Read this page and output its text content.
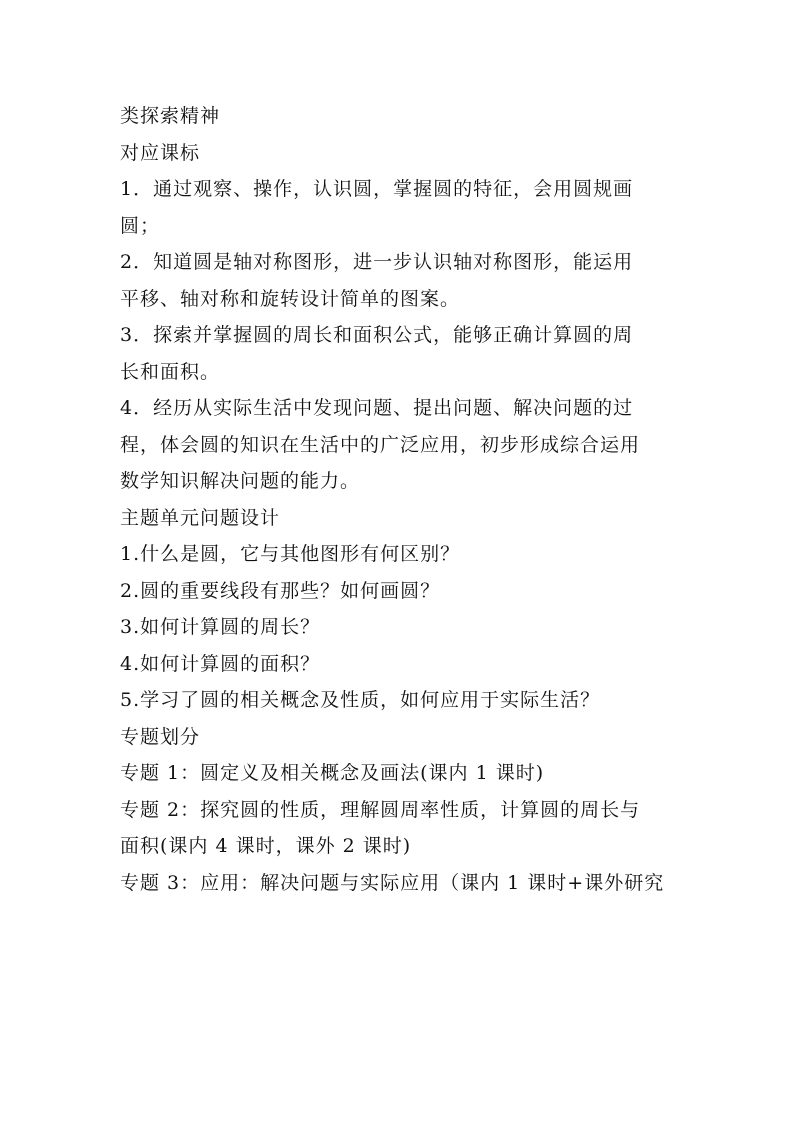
类探索精神
对应课标
1．通过观察、操作，认识圆，掌握圆的特征，会用圆规画
圆；
2．知道圆是轴对称图形，进一步认识轴对称图形，能运用
平移、轴对称和旋转设计简单的图案。
3．探索并掌握圆的周长和面积公式，能够正确计算圆的周
长和面积。
4．经历从实际生活中发现问题、提出问题、解决问题的过
程，体会圆的知识在生活中的广泛应用，初步形成综合运用
数学知识解决问题的能力。
主题单元问题设计
1.什么是圆，它与其他图形有何区别？
2.圆的重要线段有那些？如何画圆？
3.如何计算圆的周长？
4.如何计算圆的面积？
5.学习了圆的相关概念及性质，如何应用于实际生活？
专题划分
专题 1：圆定义及相关概念及画法(课内 1 课时)
专题 2：探究圆的性质，理解圆周率性质，计算圆的周长与
面积(课内 4 课时，课外 2 课时)
专题 3：应用：解决问题与实际应用（课内 1 课时+课外研究
